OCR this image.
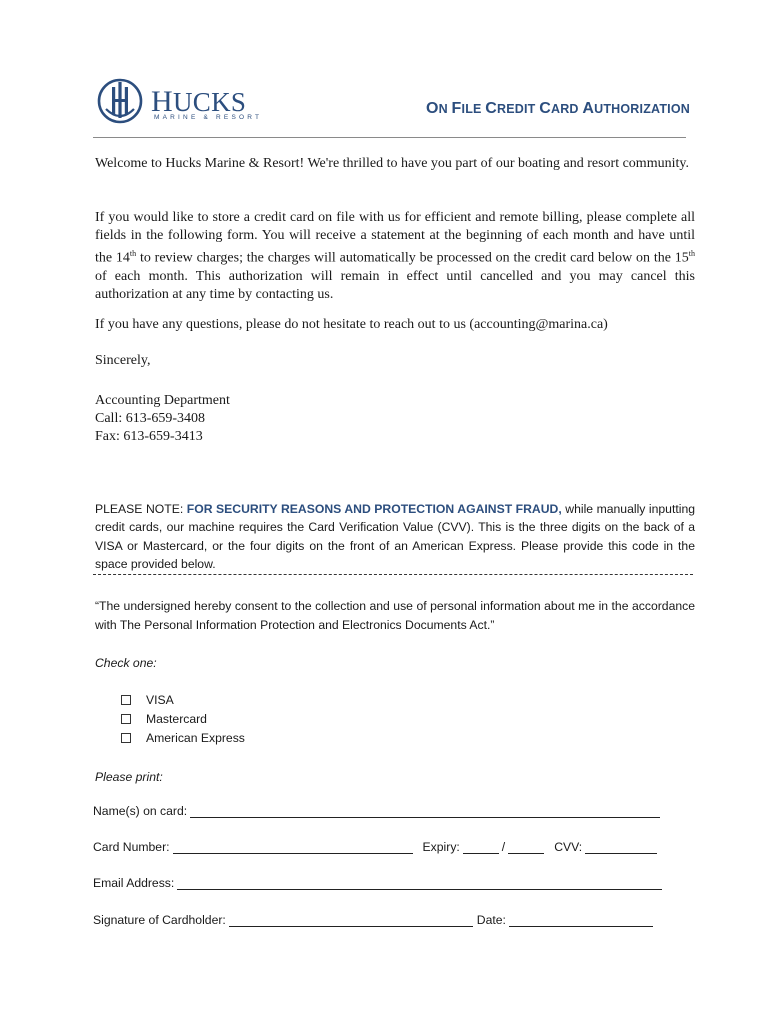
HUCKS
MARINE & RESORT
ON FILE CREDIT CARD AUTHORIZATION

Welcome to Hucks Marine & Resort! We're thrilled to have you part of our boating and resort community.

If you would like to store a credit card on file with us for efficient and remote billing, please complete all fields in the following form. You will receive a statement at the beginning of each month and have until the 14th to review charges; the charges will automatically be processed on the credit card below on the 15th of each month. This authorization will remain in effect until cancelled and you may cancel this authorization at any time by contacting us.

If you have any questions, please do not hesitate to reach out to us (accounting@marina.ca)

Sincerely,

Accounting Department
Call: 613-659-3408
Fax: 613-659-3413

PLEASE NOTE: FOR SECURITY REASONS AND PROTECTION AGAINST FRAUD, while manually inputting credit cards, our machine requires the Card Verification Value (CVV). This is the three digits on the back of a VISA or Mastercard, or the four digits on the front of an American Express. Please provide this code in the space provided below.

“The undersigned hereby consent to the collection and use of personal information about me in the accordance with The Personal Information Protection and Electronics Documents Act.”

Check one:

VISA
Mastercard
American Express

Please print:

Name(s) on card:
Card Number:	Expiry:	/	CVV:
Email Address:
Signature of Cardholder:	Date:
